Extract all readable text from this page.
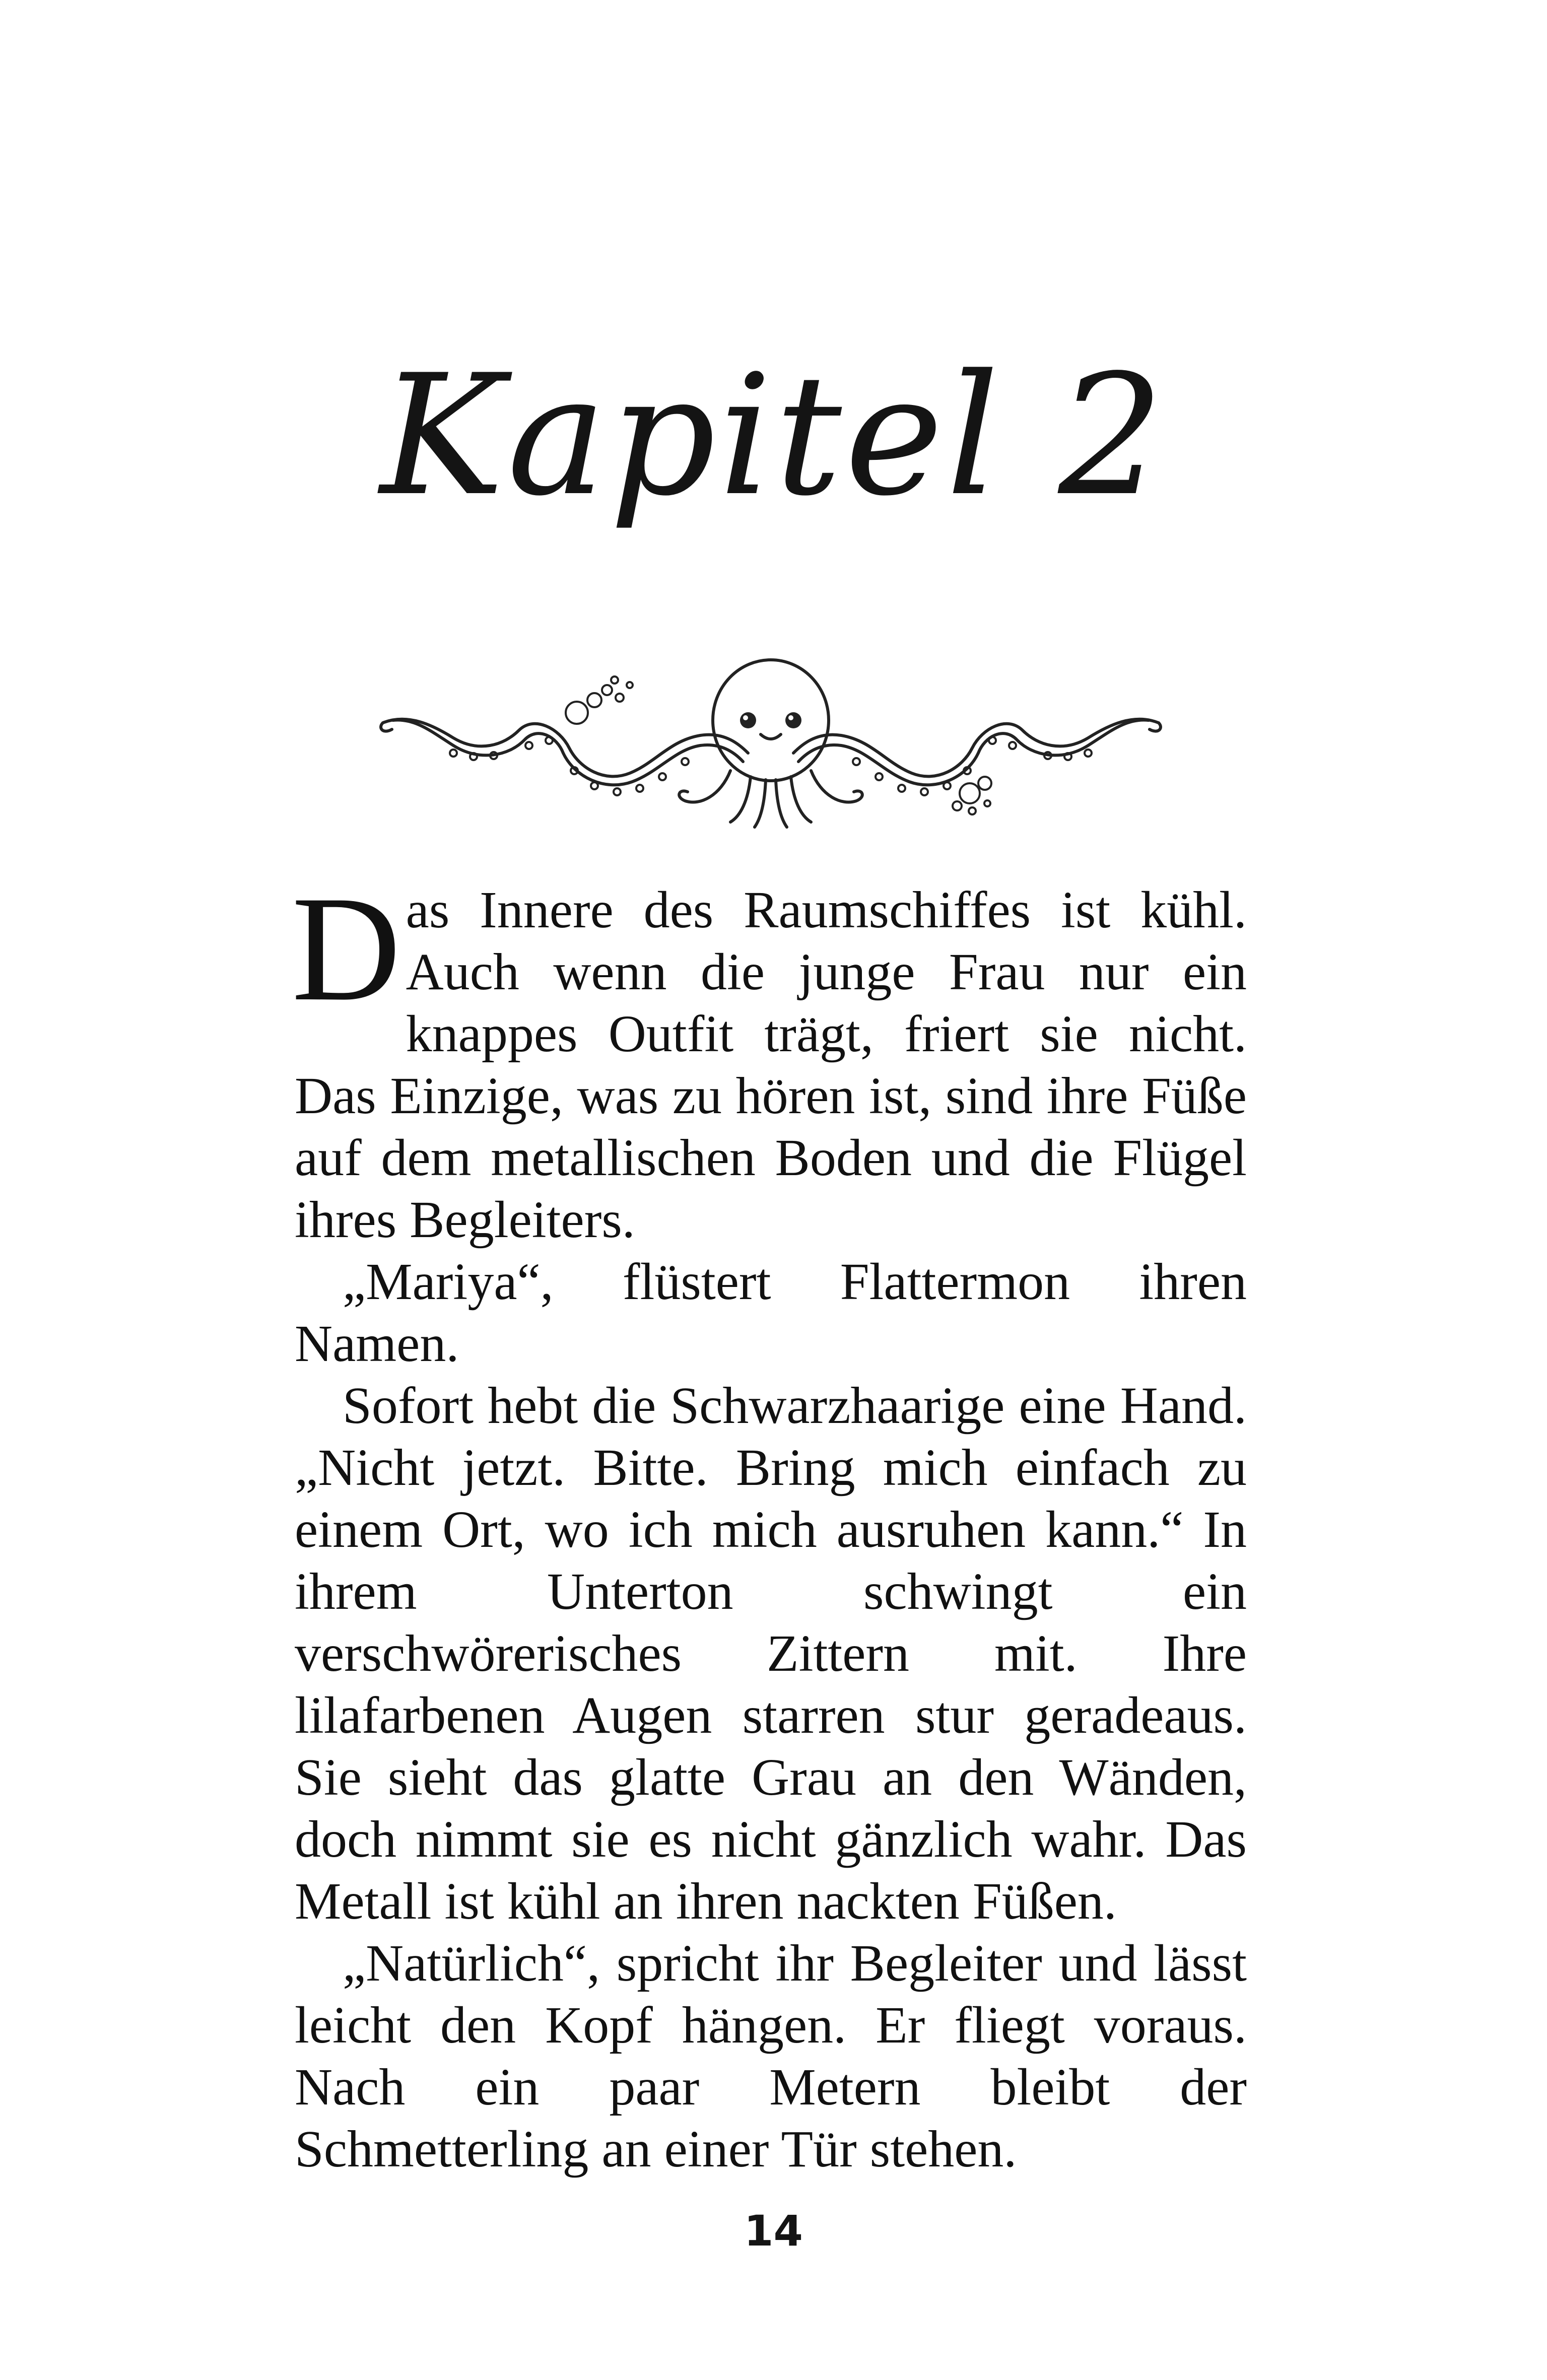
Kapitel 2

Das Innere des Raumschiffes ist kühl. Auch wenn die junge Frau nur ein knappes Outfit trägt, friert sie nicht. Das Einzige, was zu hören ist, sind ihre Füße auf dem metallischen Boden und die Flügel ihres Begleiters.

„Mariya“, flüstert Flattermon ihren Namen.

Sofort hebt die Schwarzhaarige eine Hand. „Nicht jetzt. Bitte. Bring mich einfach zu einem Ort, wo ich mich ausruhen kann.“ In ihrem Unterton schwingt ein verschwörerisches Zittern mit. Ihre lilafarbenen Augen starren stur geradeaus. Sie sieht das glatte Grau an den Wänden, doch nimmt sie es nicht gänzlich wahr. Das Metall ist kühl an ihren nackten Füßen.

„Natürlich“, spricht ihr Begleiter und lässt leicht den Kopf hängen. Er fliegt voraus. Nach ein paar Metern bleibt der Schmetterling an einer Tür stehen.

14
